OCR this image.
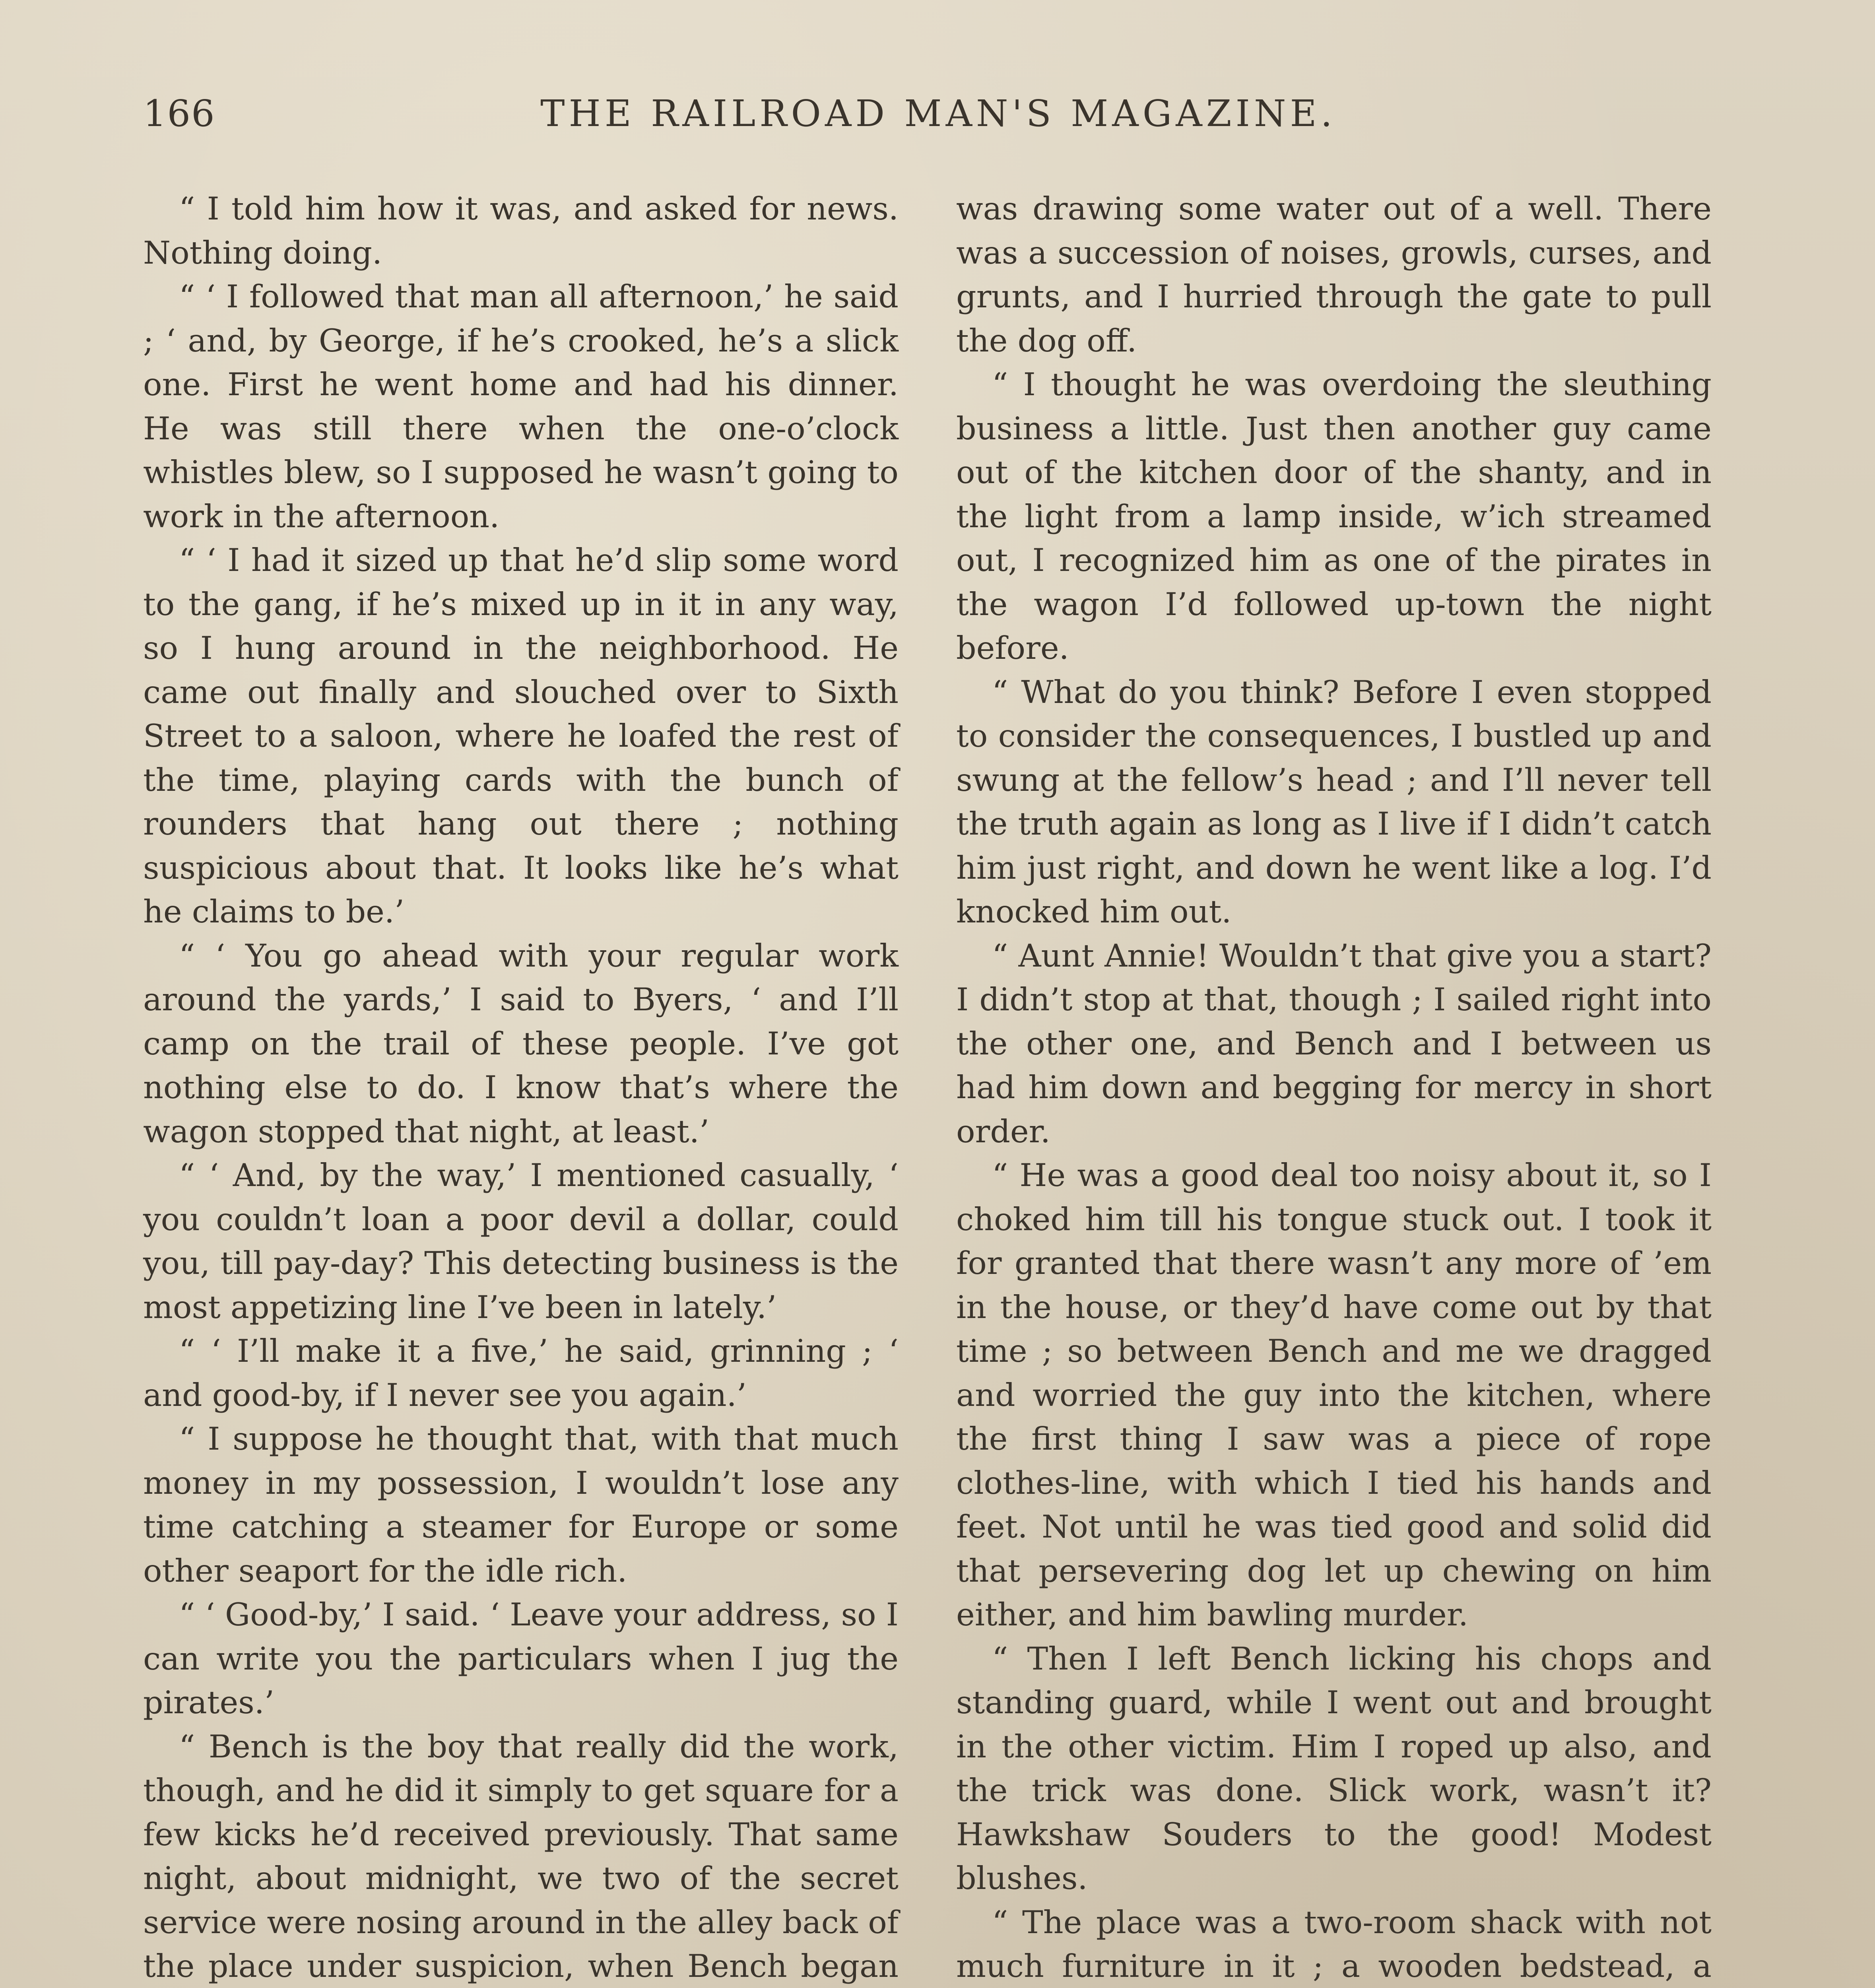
166	THE RAILROAD MAN'S MAGAZINE.

“ I told him how it was, and asked for news. Nothing doing.

“ ‘ I followed that man all afternoon,’ he said ; ‘ and, by George, if he’s crooked, he’s a slick one. First he went home and had his dinner. He was still there when the one-o’clock whistles blew, so I supposed he wasn’t going to work in the afternoon.

“ ‘ I had it sized up that he’d slip some word to the gang, if he’s mixed up in it in any way, so I hung around in the neighborhood. He came out finally and slouched over to Sixth Street to a saloon, where he loafed the rest of the time, playing cards with the bunch of rounders that hang out there ; nothing suspicious about that. It looks like he’s what he claims to be.’

“ ‘ You go ahead with your regular work around the yards,’ I said to Byers, ‘ and I’ll camp on the trail of these people. I’ve got nothing else to do. I know that’s where the wagon stopped that night, at least.’

“ ‘ And, by the way,’ I mentioned casually, ‘ you couldn’t loan a poor devil a dollar, could you, till pay-day? This detecting business is the most appetizing line I’ve been in lately.’

“ ‘ I’ll make it a five,’ he said, grinning ; ‘ and good-by, if I never see you again.’

“ I suppose he thought that, with that much money in my possession, I wouldn’t lose any time catching a steamer for Europe or some other seaport for the idle rich.

“ ‘ Good-by,’ I said. ‘ Leave your address, so I can write you the particulars when I jug the pirates.’

“ Bench is the boy that really did the work, though, and he did it simply to get square for a few kicks he’d received previously. That same night, about midnight, we two of the secret service were nosing around in the alley back of the place under suspicion, when Bench began

was drawing some water out of a well. There was a succession of noises, growls, curses, and grunts, and I hurried through the gate to pull the dog off.

“ I thought he was overdoing the sleuthing business a little. Just then another guy came out of the kitchen door of the shanty, and in the light from a lamp inside, w’ich streamed out, I recognized him as one of the pirates in the wagon I’d followed up-town the night before.

“ What do you think? Before I even stopped to consider the consequences, I bustled up and swung at the fellow’s head ; and I’ll never tell the truth again as long as I live if I didn’t catch him just right, and down he went like a log. I’d knocked him out.

“ Aunt Annie! Wouldn’t that give you a start? I didn’t stop at that, though ; I sailed right into the other one, and Bench and I between us had him down and begging for mercy in short order.

“ He was a good deal too noisy about it, so I choked him till his tongue stuck out. I took it for granted that there wasn’t any more of ’em in the house, or they’d have come out by that time ; so between Bench and me we dragged and worried the guy into the kitchen, where the first thing I saw was a piece of rope clothes-line, with which I tied his hands and feet. Not until he was tied good and solid did that persevering dog let up chewing on him either, and him bawling murder.

“ Then I left Bench licking his chops and standing guard, while I went out and brought in the other victim. Him I roped up also, and the trick was done. Slick work, wasn’t it? Hawkshaw Souders to the good! Modest blushes.

“ The place was a two-room shack with not much furniture in it ; a wooden bedstead, a
